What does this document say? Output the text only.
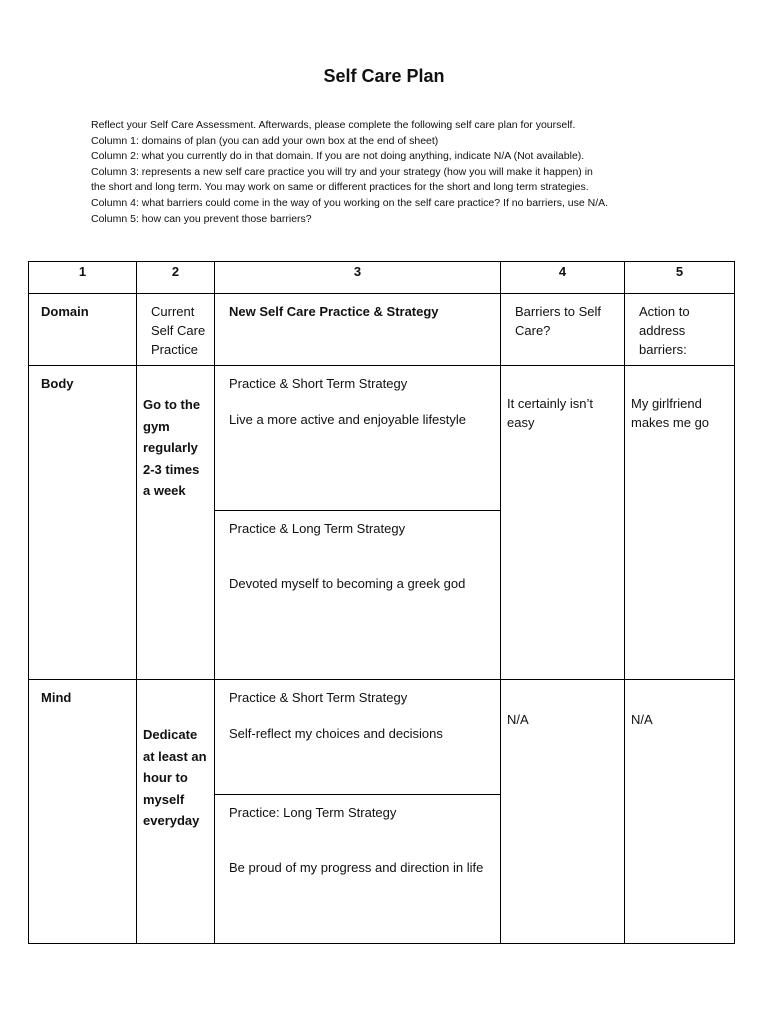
Self Care Plan
Reflect your Self Care Assessment. Afterwards, please complete the following self care plan for yourself.
Column 1: domains of plan (you can add your own box at the end of sheet)
Column 2: what you currently do in that domain. If you are not doing anything, indicate N/A (Not available).
Column 3: represents a new self care practice you will try and your strategy (how you will make it happen) in
the short and long term. You may work on same or different practices for the short and long term strategies.
Column 4: what barriers could come in the way of you working on the self care practice? If no barriers, use N/A.
Column 5: how can you prevent those barriers?
1	2	3	4	5

Domain	Current Self Care Practice	New Self Care Practice & Strategy	Barriers to Self Care?	Action to address barriers:

Body	Go to the gym regularly 2-3 times a week	Practice & Short Term Strategy
Live a more active and enjoyable lifestyle
Practice & Long Term Strategy
Devoted myself to becoming a greek god	It certainly isn’t easy	My girlfriend makes me go

Mind	Dedicate at least an hour to myself everyday	Practice & Short Term Strategy
Self-reflect my choices and decisions
Practice: Long Term Strategy
Be proud of my progress and direction in life	N/A	N/A
